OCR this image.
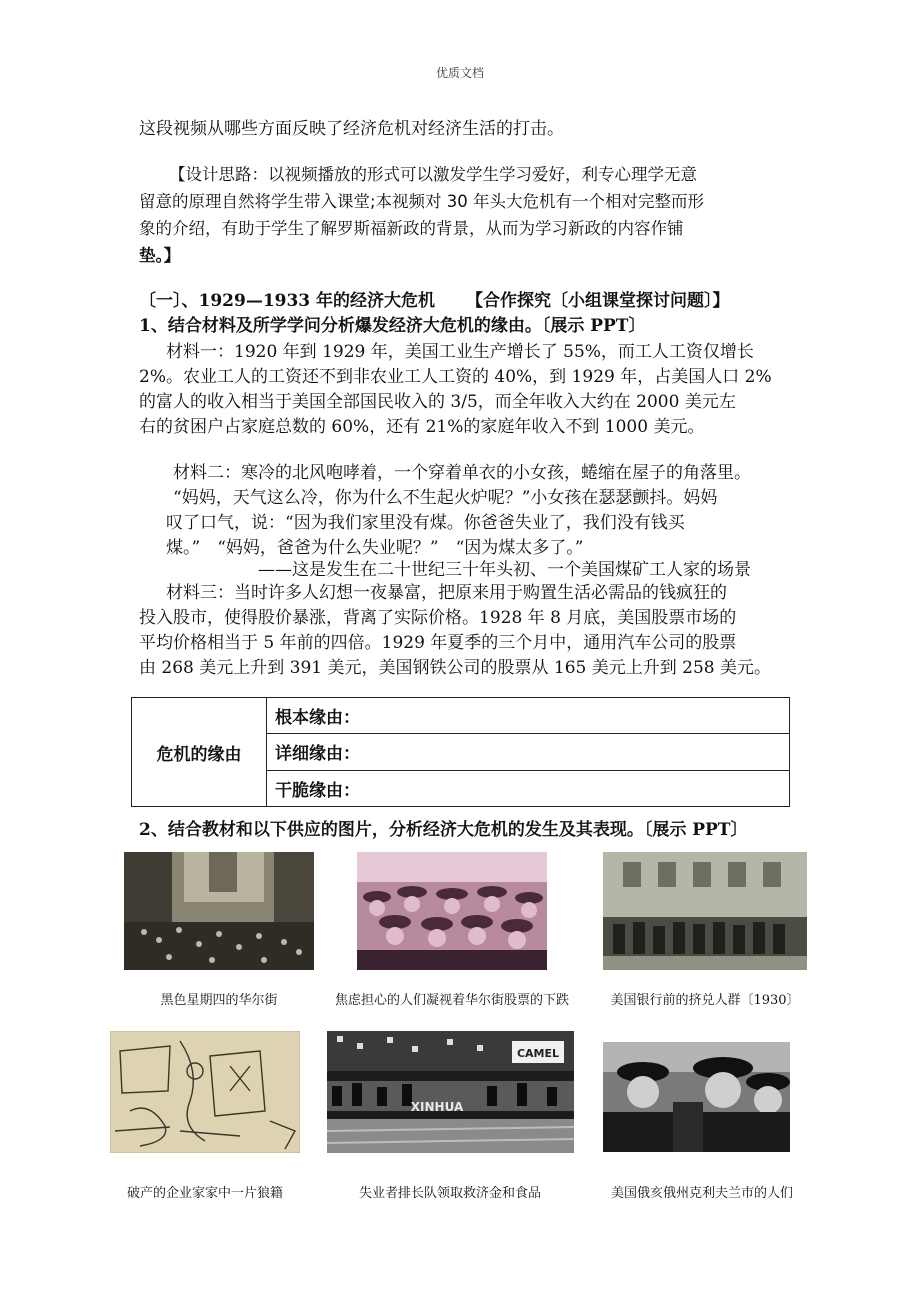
优质文档
这段视频从哪些方面反映了经济危机对经济生活的打击。
【设计思路：以视频播放的形式可以激发学生学习爱好，利专心理学无意
留意的原理自然将学生带入课堂;本视频对 30 年头大危机有一个相对完整而形
象的介绍，有助于学生了解罗斯福新政的背景，从而为学习新政的内容作铺
垫。】
〔一〕、1929—1933 年的经济大危机 【合作探究〔小组课堂探讨问题〕】
1、结合材料及所学学问分析爆发经济大危机的缘由。〔展示 PPT〕
材料一：1920 年到 1929 年，美国工业生产增长了 55%，而工人工资仅增长
2%。农业工人的工资还不到非农业工人工资的 40%，到 1929 年，占美国人口 2%
的富人的收入相当于美国全部国民收入的 3/5，而全年收入大约在 2000 美元左
右的贫困户占家庭总数的 60%，还有 21%的家庭年收入不到 1000 美元。
材料二：寒冷的北风咆哮着，一个穿着单衣的小女孩，蜷缩在屋子的角落里。
“妈妈，天气这么冷，你为什么不生起火炉呢？”小女孩在瑟瑟颤抖。妈妈
叹了口气，说：“因为我们家里没有煤。你爸爸失业了，我们没有钱买
煤。”　“妈妈，爸爸为什么失业呢？”　“因为煤太多了。”
——这是发生在二十世纪三十年头初、一个美国煤矿工人家的场景
材料三：当时许多人幻想一夜暴富，把原来用于购置生活必需品的钱疯狂的
投入股市，使得股价暴涨，背离了实际价格。1928 年 8 月底，美国股票市场的
平均价格相当于 5 年前的四倍。1929 年夏季的三个月中，通用汽车公司的股票
由 268 美元上升到 391 美元，美国钢铁公司的股票从 165 美元上升到 258 美元。
危机的缘由	根本缘由：
详细缘由：
干脆缘由：
2、结合教材和以下供应的图片，分析经济大危机的发生及其表现。〔展示 PPT〕
黑色星期四的华尔街	焦虑担心的人们凝视着华尔街股票的下跌	美国银行前的挤兑人群〔1930〕
CAMEL
XINHUA
破产的企业家家中一片狼籍	失业者排长队领取救济金和食品	美国俄亥俄州克利夫兰市的人们
